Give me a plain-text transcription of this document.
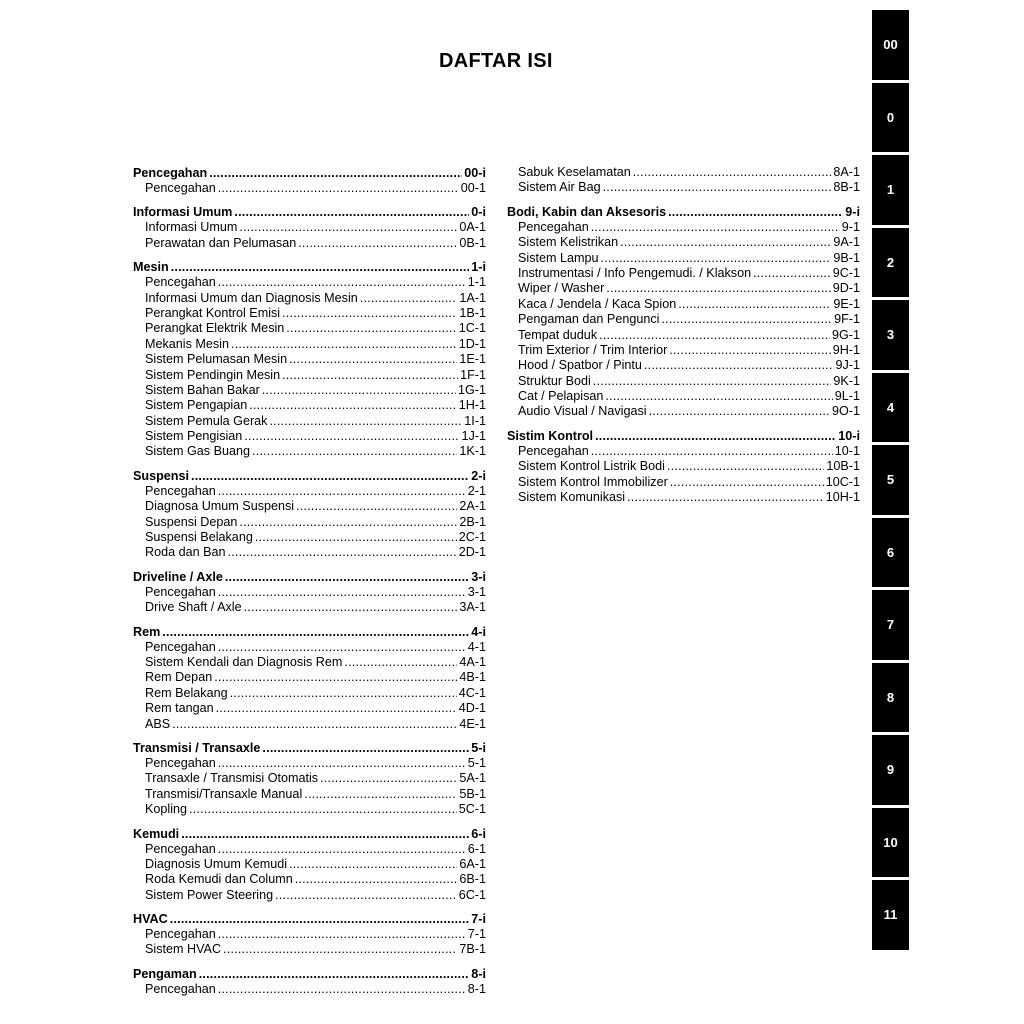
DAFTAR ISI
Pencegahan .....	00-i
Pencegahan .....	00-1
Informasi Umum .....	0-i
Informasi Umum .....	0A-1
Perawatan dan Pelumasan .....	0B-1
Mesin .....	1-i
Pencegahan .....	1-1
Informasi Umum dan Diagnosis Mesin .....	1A-1
Perangkat Kontrol Emisi .....	1B-1
Perangkat Elektrik Mesin .....	1C-1
Mekanis Mesin .....	1D-1
Sistem Pelumasan Mesin .....	1E-1
Sistem Pendingin Mesin .....	1F-1
Sistem Bahan Bakar .....	1G-1
Sistem Pengapian .....	1H-1
Sistem Pemula Gerak .....	1I-1
Sistem Pengisian .....	1J-1
Sistem Gas Buang .....	1K-1
Suspensi .....	2-i
Pencegahan .....	2-1
Diagnosa Umum Suspensi .....	2A-1
Suspensi Depan .....	2B-1
Suspensi Belakang .....	2C-1
Roda dan Ban .....	2D-1
Driveline / Axle .....	3-i
Pencegahan .....	3-1
Drive Shaft / Axle .....	3A-1
Rem .....	4-i
Pencegahan .....	4-1
Sistem Kendali dan Diagnosis Rem .....	4A-1
Rem Depan .....	4B-1
Rem Belakang .....	4C-1
Rem tangan .....	4D-1
ABS .....	4E-1
Transmisi / Transaxle .....	5-i
Pencegahan .....	5-1
Transaxle / Transmisi Otomatis .....	5A-1
Transmisi/Transaxle Manual .....	5B-1
Kopling .....	5C-1
Kemudi .....	6-i
Pencegahan .....	6-1
Diagnosis Umum Kemudi .....	6A-1
Roda Kemudi dan Column .....	6B-1
Sistem Power Steering .....	6C-1
HVAC .....	7-i
Pencegahan .....	7-1
Sistem HVAC .....	7B-1
Pengaman .....	8-i
Pencegahan .....	8-1
Sabuk Keselamatan .....	8A-1
Sistem Air Bag .....	8B-1
Bodi, Kabin dan Aksesoris .....	9-i
Pencegahan .....	9-1
Sistem Kelistrikan .....	9A-1
Sistem Lampu .....	9B-1
Instrumentasi / Info Pengemudi. / Klakson .....	9C-1
Wiper / Washer .....	9D-1
Kaca / Jendela / Kaca Spion .....	9E-1
Pengaman dan Pengunci .....	9F-1
Tempat duduk .....	9G-1
Trim Exterior / Trim Interior .....	9H-1
Hood / Spatbor / Pintu .....	9J-1
Struktur Bodi .....	9K-1
Cat / Pelapisan .....	9L-1
Audio Visual / Navigasi .....	9O-1
Sistim Kontrol .....	10-i
Pencegahan .....	10-1
Sistem Kontrol Listrik Bodi .....	10B-1
Sistem Kontrol Immobilizer .....	10C-1
Sistem Komunikasi .....	10H-1
00
0
1
2
3
4
5
6
7
8
9
10
11
